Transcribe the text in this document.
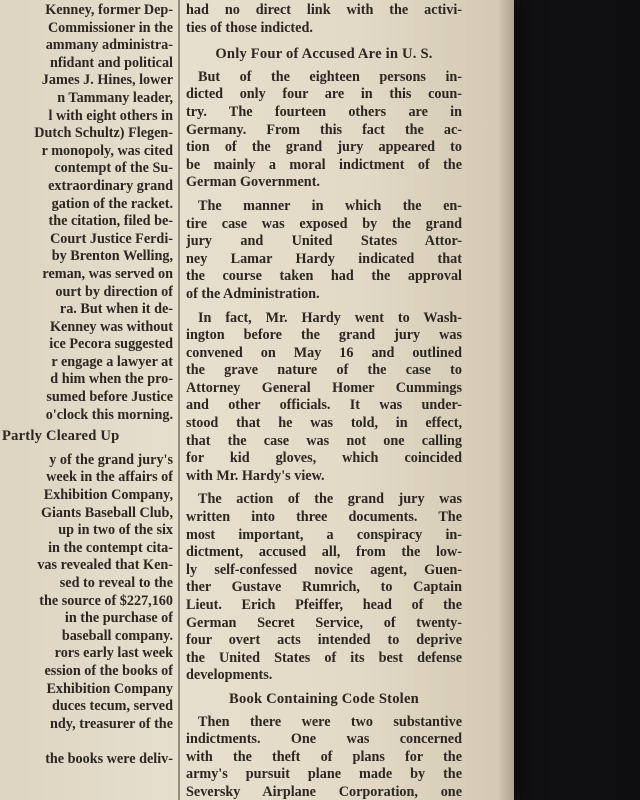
Kenney, former Dep-
Commissioner in the
ammany administra-
nfidant and political
James J. Hines, lower
n Tammany leader,
l with eight others in
Dutch Schultz) Flegen-
r monopoly, was cited
contempt of the Su-
extraordinary grand
gation of the racket.
the citation, filed be-
Court Justice Ferdi-
by Brenton Welling,
reman, was served on
ourt by direction of
ra. But when it de-
Kenney was without
ice Pecora suggested
r engage a lawyer at
d him when the pro-
sumed before Justice
o'clock this morning.
Partly Cleared Up
y of the grand jury's
week in the affairs of
Exhibition Company,
Giants Baseball Club,
up in two of the six
in the contempt cita-
vas revealed that Ken-
sed to reveal to the
the source of $227,160
in the purchase of
baseball company.
rors early last week
ession of the books of
Exhibition Company
duces tecum, served
ndy, treasurer of the
the books were deliv-
had no direct link with the activi-
ties of those indicted.
Only Four of Accused Are in U. S.
But of the eighteen persons in-
dicted only four are in this coun-
try. The fourteen others are in
Germany. From this fact the ac-
tion of the grand jury appeared to
be mainly a moral indictment of the
German Government.
The manner in which the en-
tire case was exposed by the grand
jury and United States Attor-
ney Lamar Hardy indicated that
the course taken had the approval
of the Administration.
In fact, Mr. Hardy went to Wash-
ington before the grand jury was
convened on May 16 and outlined
the grave nature of the case to
Attorney General Homer Cummings
and other officials. It was under-
stood that he was told, in effect,
that the case was not one calling
for kid gloves, which coincided
with Mr. Hardy's view.
The action of the grand jury was
written into three documents. The
most important, a conspiracy in-
dictment, accused all, from the low-
ly self-confessed novice agent, Guen-
ther Gustave Rumrich, to Captain
Lieut. Erich Pfeiffer, head of the
German Secret Service, of twenty-
four overt acts intended to deprive
the United States of its best defense
developments.
Book Containing Code Stolen
Then there were two substantive
indictments. One was concerned
with the theft of plans for the
army's pursuit plane made by the
Seversky Airplane Corporation, one
